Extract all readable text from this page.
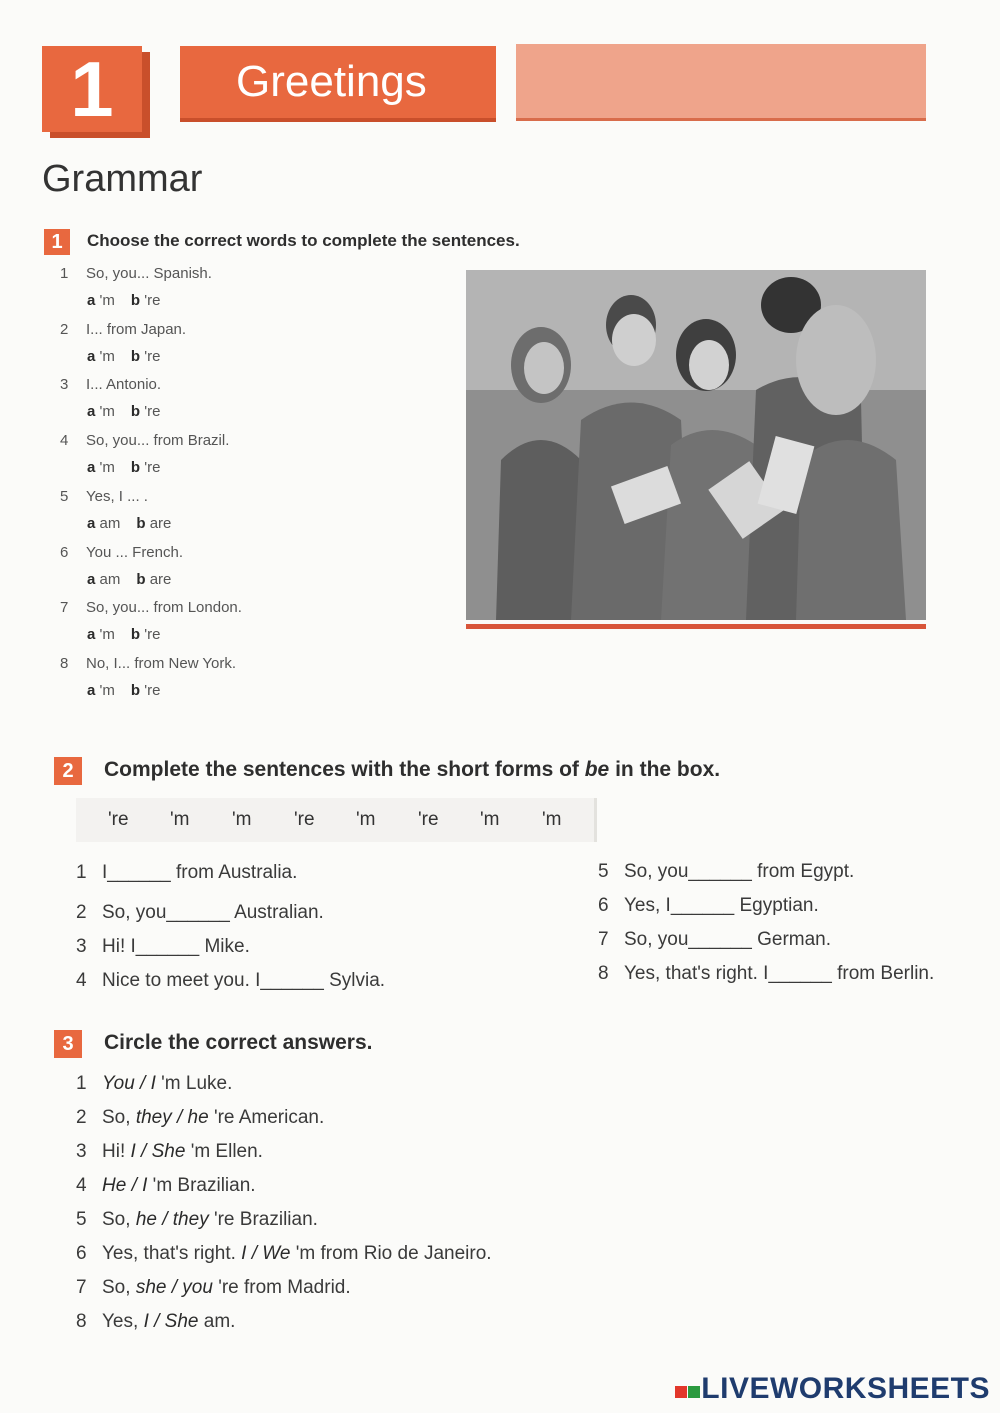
1	Greetings
Grammar
1	Choose the correct words to complete the sentences.
1 So, you... Spanish.
a 'm b 're
2 I... from Japan.
a 'm b 're
3 I... Antonio.
a 'm b 're
4 So, you... from Brazil.
a 'm b 're
5 Yes, I ... .
a am b are
6 You ... French.
a am b are
7 So, you... from London.
a 'm b 're
8 No, I... from New York.
a 'm b 're
2	Complete the sentences with the short forms of be in the box.
're	'm	'm	're	'm	're	'm	'm
1 I______ from Australia.
2 So, you______ Australian.
3 Hi! I______ Mike.
4 Nice to meet you. I______ Sylvia.
5 So, you______ from Egypt.
6 Yes, I______ Egyptian.
7 So, you______ German.
8 Yes, that's right. I______ from Berlin.
3	Circle the correct answers.
1 You / I 'm Luke.
2 So, they / he 're American.
3 Hi! I / She 'm Ellen.
4 He / I 'm Brazilian.
5 So, he / they 're Brazilian.
6 Yes, that's right. I / We 'm from Rio de Janeiro.
7 So, she / you 're from Madrid.
8 Yes, I / She am.
LIVEWORKSHEETS
